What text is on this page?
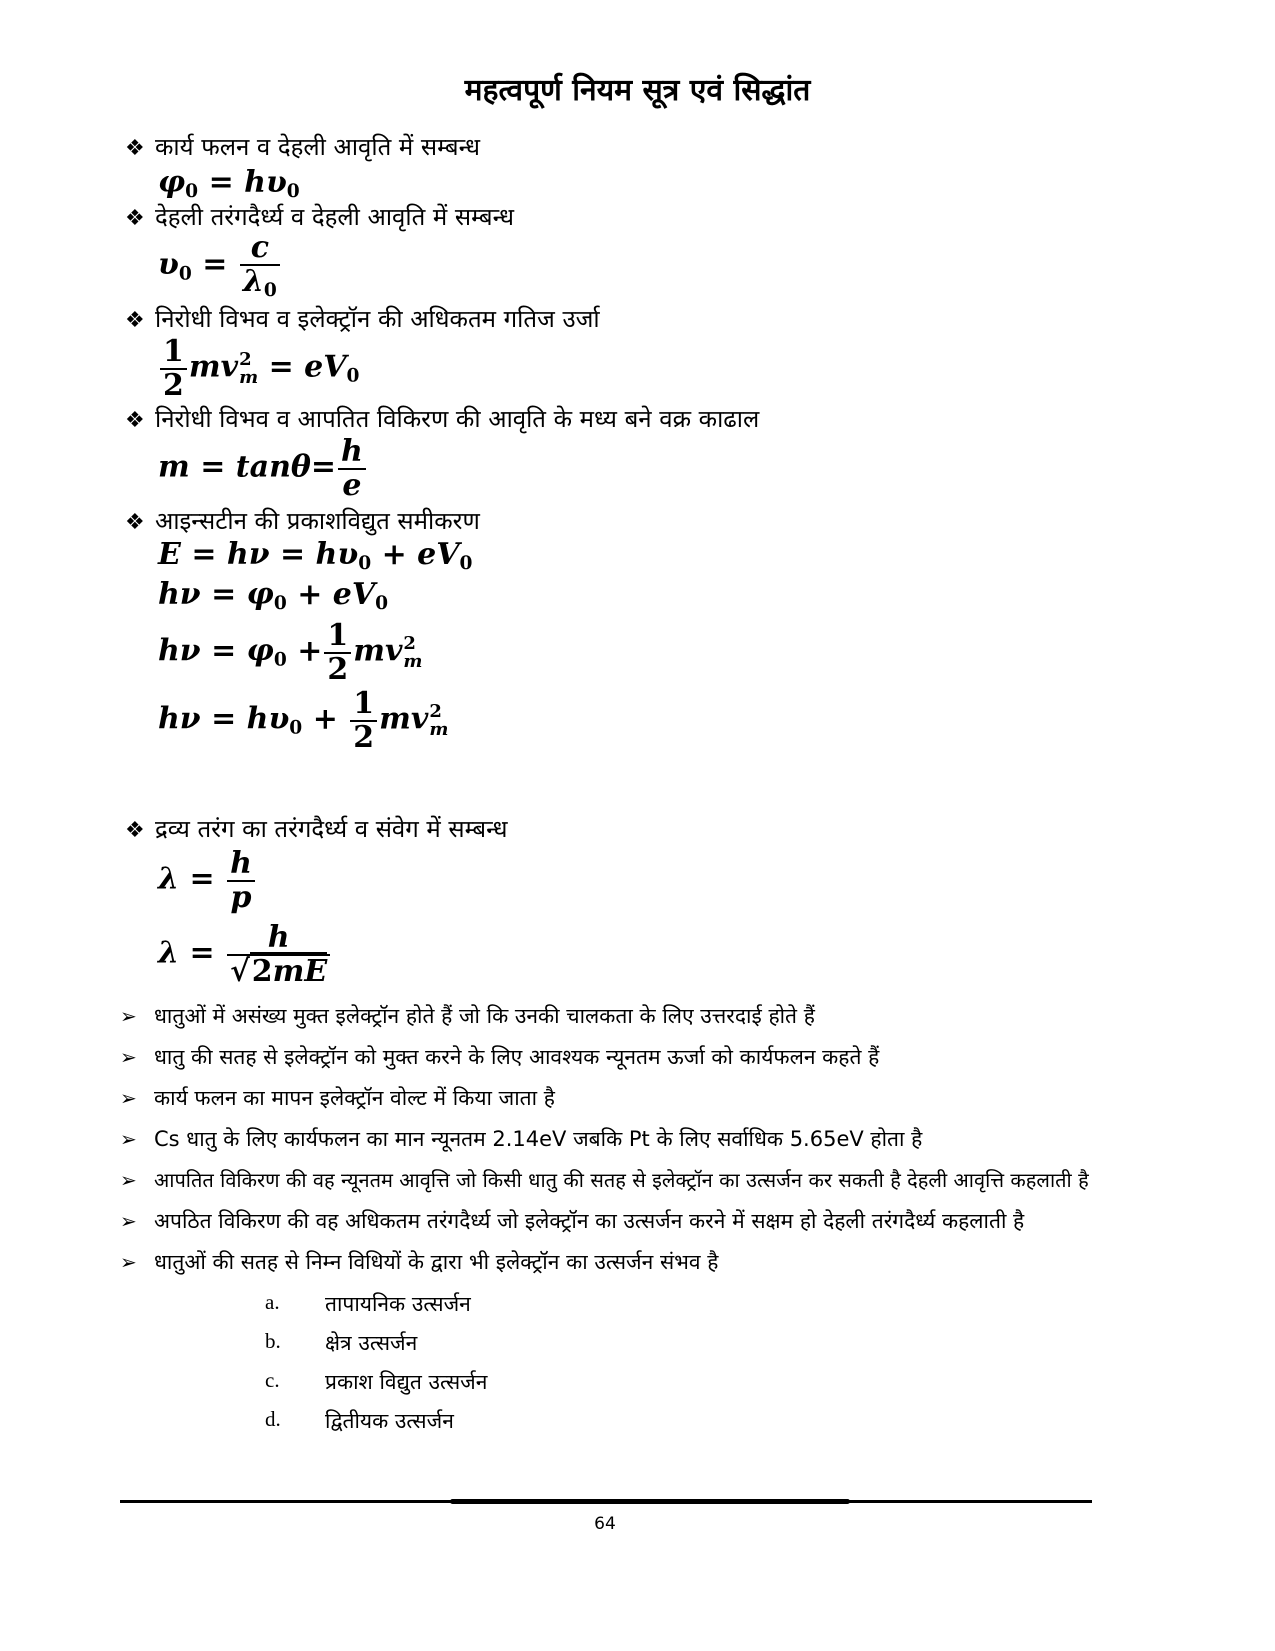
महत्वपूर्ण नियम सूत्र एवं सिद्धांत
❖ कार्य फलन व देहली आवृति में सम्बन्ध
$\varphi_0 = h\upsilon_0$
❖ देहली तरंगदैर्ध्य व देहली आवृति में सम्बन्ध
$\upsilon_0 = \frac{c}{\lambda_0}$
❖ निरोधी विभव व इलेक्ट्रॉन की अधिकतम गतिज उर्जा
$\frac{1}{2}$ mv 2
$m = eV_0$
❖ निरोधी विभव व आपतित विकिरण की आवृति के मध्य बने वक्र काढाल
$m = \tan\theta= \frac{h}{e}$
❖ आइन्सटीन की प्रकाशविद्युत समीकरण
$E = h\nu = h\upsilon_0 + eV_0$
$h\nu = \varphi_0 + eV_0$
$h\nu = \varphi_0 + \frac{1}{2}$ mv 2
m
$h\nu = h\upsilon_0 + \frac{1}{2}$ mv 2
m
❖ द्रव्य तरंग का तरंगदैर्ध्य व संवेग में सम्बन्ध
$\lambda = \frac{h}{p}$
$\lambda = \frac{h}{√2mE}$
➢ धातुओं में असंख्य मुक्त इलेक्ट्रॉन होते हैं जो कि उनकी चालकता के लिए उत्तरदाई होते हैं
➢ धातु की सतह से इलेक्ट्रॉन को मुक्त करने के लिए आवश्यक न्यूनतम ऊर्जा को कार्यफलन कहते हैं
➢ कार्य फलन का मापन इलेक्ट्रॉन वोल्ट में किया जाता है
➢ Cs धातु के लिए कार्यफलन का मान न्यूनतम 2.14eV जबकि Pt के लिए सर्वाधिक 5.65eV होता है
➢ आपतित विकिरण की वह न्यूनतम आवृत्ति जो किसी धातु की सतह से इलेक्ट्रॉन का उत्सर्जन कर सकती है देहली आवृत्ति कहलाती है
➢ अपठित विकिरण की वह अधिकतम तरंगदैर्ध्य जो इलेक्ट्रॉन का उत्सर्जन करने में सक्षम हो देहली तरंगदैर्ध्य कहलाती है
➢ धातुओं की सतह से निम्न विधियों के द्वारा भी इलेक्ट्रॉन का उत्सर्जन संभव है
a. तापायनिक उत्सर्जन
b. क्षेत्र उत्सर्जन
c. प्रकाश विद्युत उत्सर्जन
d. द्वितीयक उत्सर्जन
64
